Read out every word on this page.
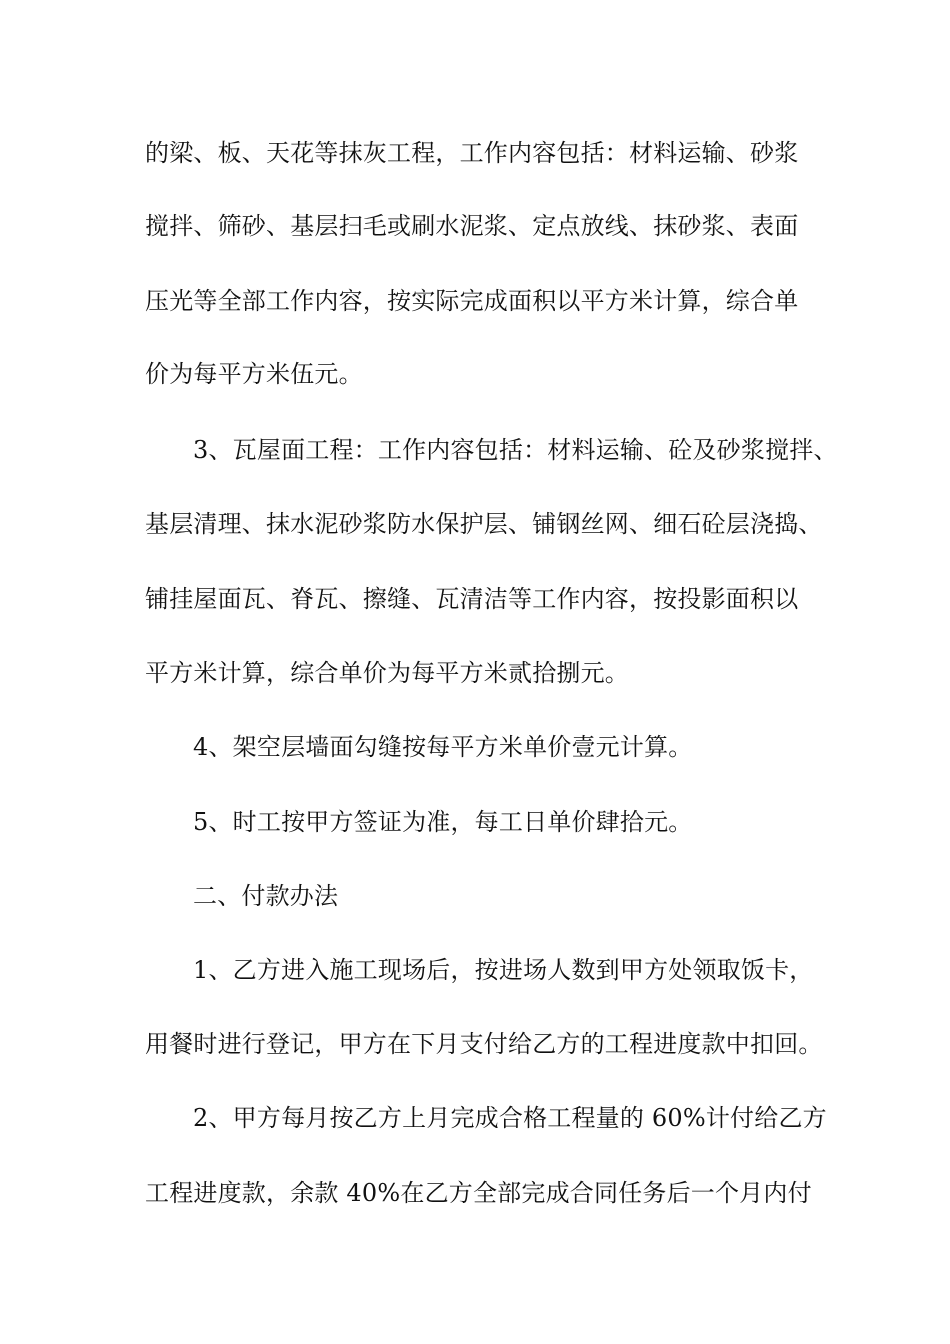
的梁、板、天花等抹灰工程，工作内容包括：材料运输、砂浆
搅拌、筛砂、基层扫毛或刷水泥浆、定点放线、抹砂浆、表面
压光等全部工作内容，按实际完成面积以平方米计算，综合单
价为每平方米伍元。
3、瓦屋面工程：工作内容包括：材料运输、砼及砂浆搅拌、
基层清理、抹水泥砂浆防水保护层、铺钢丝网、细石砼层浇捣、
铺挂屋面瓦、脊瓦、擦缝、瓦清洁等工作内容，按投影面积以
平方米计算，综合单价为每平方米贰拾捌元。
4、架空层墙面勾缝按每平方米单价壹元计算。
5、时工按甲方签证为准，每工日单价肆拾元。
二、付款办法
1、乙方进入施工现场后，按进场人数到甲方处领取饭卡，
用餐时进行登记，甲方在下月支付给乙方的工程进度款中扣回。
2、甲方每月按乙方上月完成合格工程量的 60%计付给乙方
工程进度款，余款 40%在乙方全部完成合同任务后一个月内付
